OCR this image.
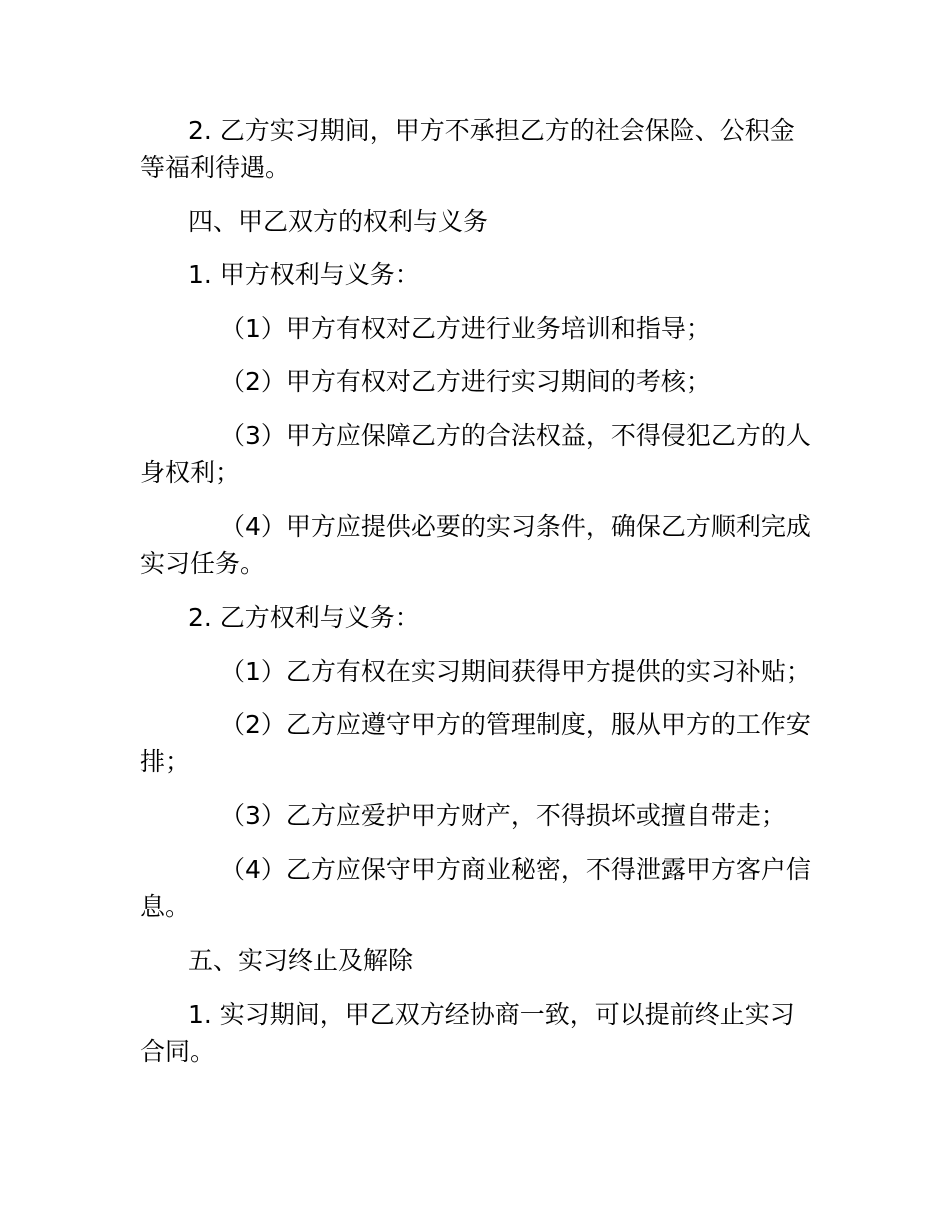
2. 乙方实习期间，甲方不承担乙方的社会保险、公积金等福利待遇。

四、甲乙双方的权利与义务

1. 甲方权利与义务：

（1）甲方有权对乙方进行业务培训和指导；

（2）甲方有权对乙方进行实习期间的考核；

（3）甲方应保障乙方的合法权益，不得侵犯乙方的人身权利；

（4）甲方应提供必要的实习条件，确保乙方顺利完成实习任务。

2. 乙方权利与义务：

（1）乙方有权在实习期间获得甲方提供的实习补贴；

（2）乙方应遵守甲方的管理制度，服从甲方的工作安排；

（3）乙方应爱护甲方财产，不得损坏或擅自带走；

（4）乙方应保守甲方商业秘密，不得泄露甲方客户信息。

五、实习终止及解除

1. 实习期间，甲乙双方经协商一致，可以提前终止实习合同。
